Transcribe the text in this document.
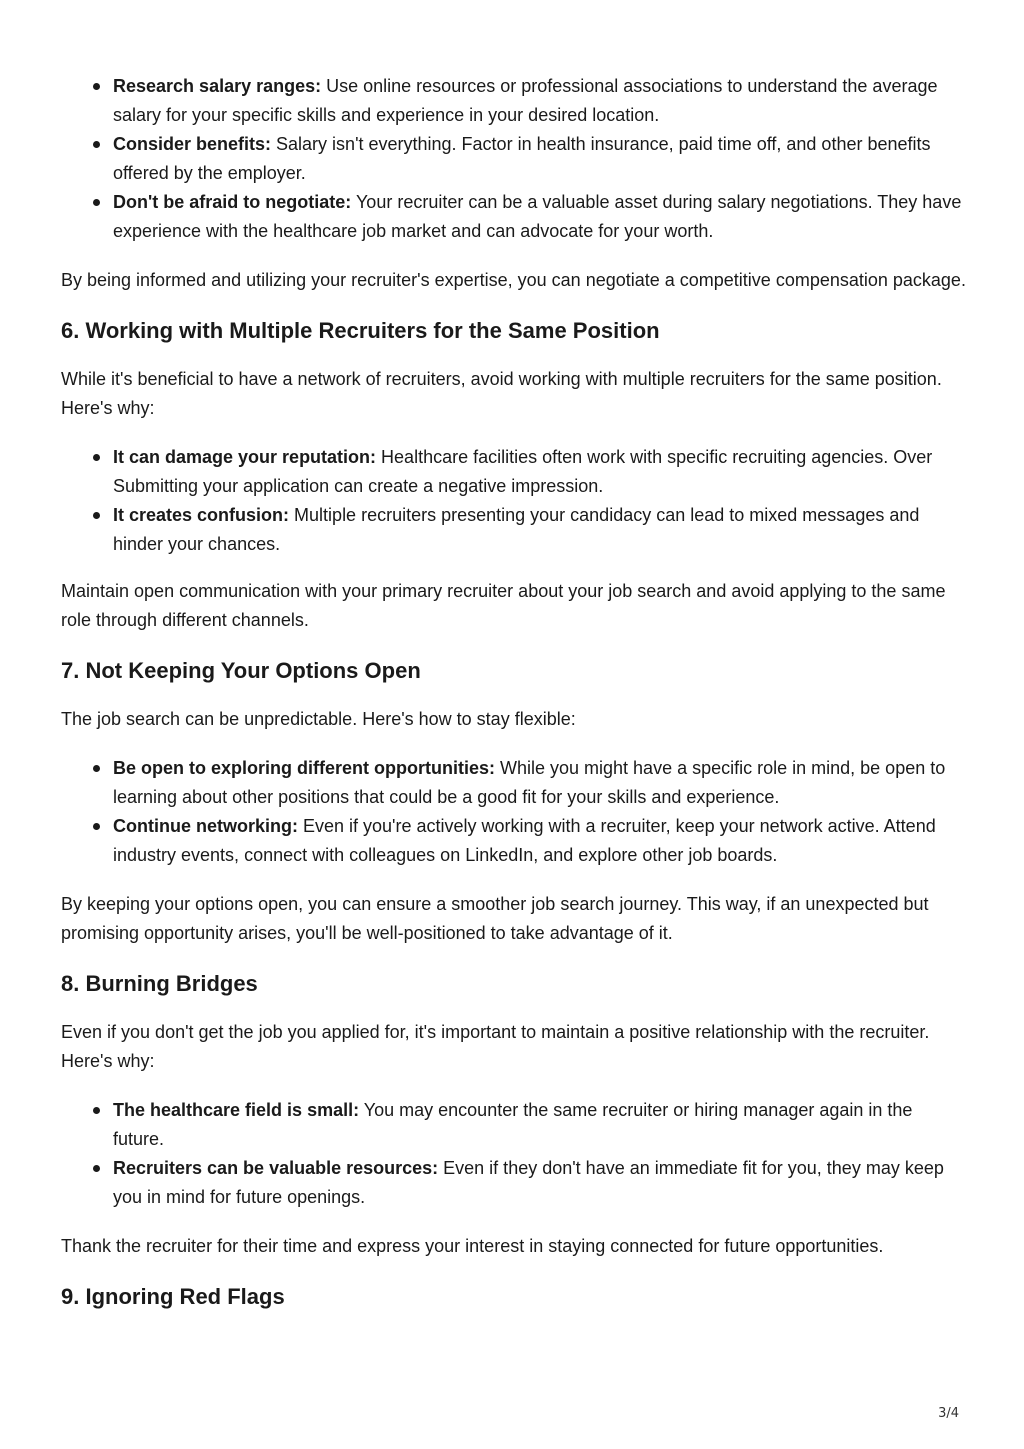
Research salary ranges: Use online resources or professional associations to understand the average salary for your specific skills and experience in your desired location.
Consider benefits: Salary isn't everything. Factor in health insurance, paid time off, and other benefits offered by the employer.
Don't be afraid to negotiate: Your recruiter can be a valuable asset during salary negotiations. They have experience with the healthcare job market and can advocate for your worth.

By being informed and utilizing your recruiter's expertise, you can negotiate a competitive compensation package.

6. Working with Multiple Recruiters for the Same Position

While it's beneficial to have a network of recruiters, avoid working with multiple recruiters for the same position. Here's why:

It can damage your reputation: Healthcare facilities often work with specific recruiting agencies. Over Submitting your application can create a negative impression.
It creates confusion: Multiple recruiters presenting your candidacy can lead to mixed messages and hinder your chances.

Maintain open communication with your primary recruiter about your job search and avoid applying to the same role through different channels.

7. Not Keeping Your Options Open

The job search can be unpredictable. Here's how to stay flexible:

Be open to exploring different opportunities: While you might have a specific role in mind, be open to learning about other positions that could be a good fit for your skills and experience.
Continue networking: Even if you're actively working with a recruiter, keep your network active. Attend industry events, connect with colleagues on LinkedIn, and explore other job boards.

By keeping your options open, you can ensure a smoother job search journey. This way, if an unexpected but promising opportunity arises, you'll be well-positioned to take advantage of it.

8. Burning Bridges

Even if you don't get the job you applied for, it's important to maintain a positive relationship with the recruiter. Here's why:

The healthcare field is small: You may encounter the same recruiter or hiring manager again in the future.
Recruiters can be valuable resources: Even if they don't have an immediate fit for you, they may keep you in mind for future openings.

Thank the recruiter for their time and express your interest in staying connected for future opportunities.

9. Ignoring Red Flags
3/4
